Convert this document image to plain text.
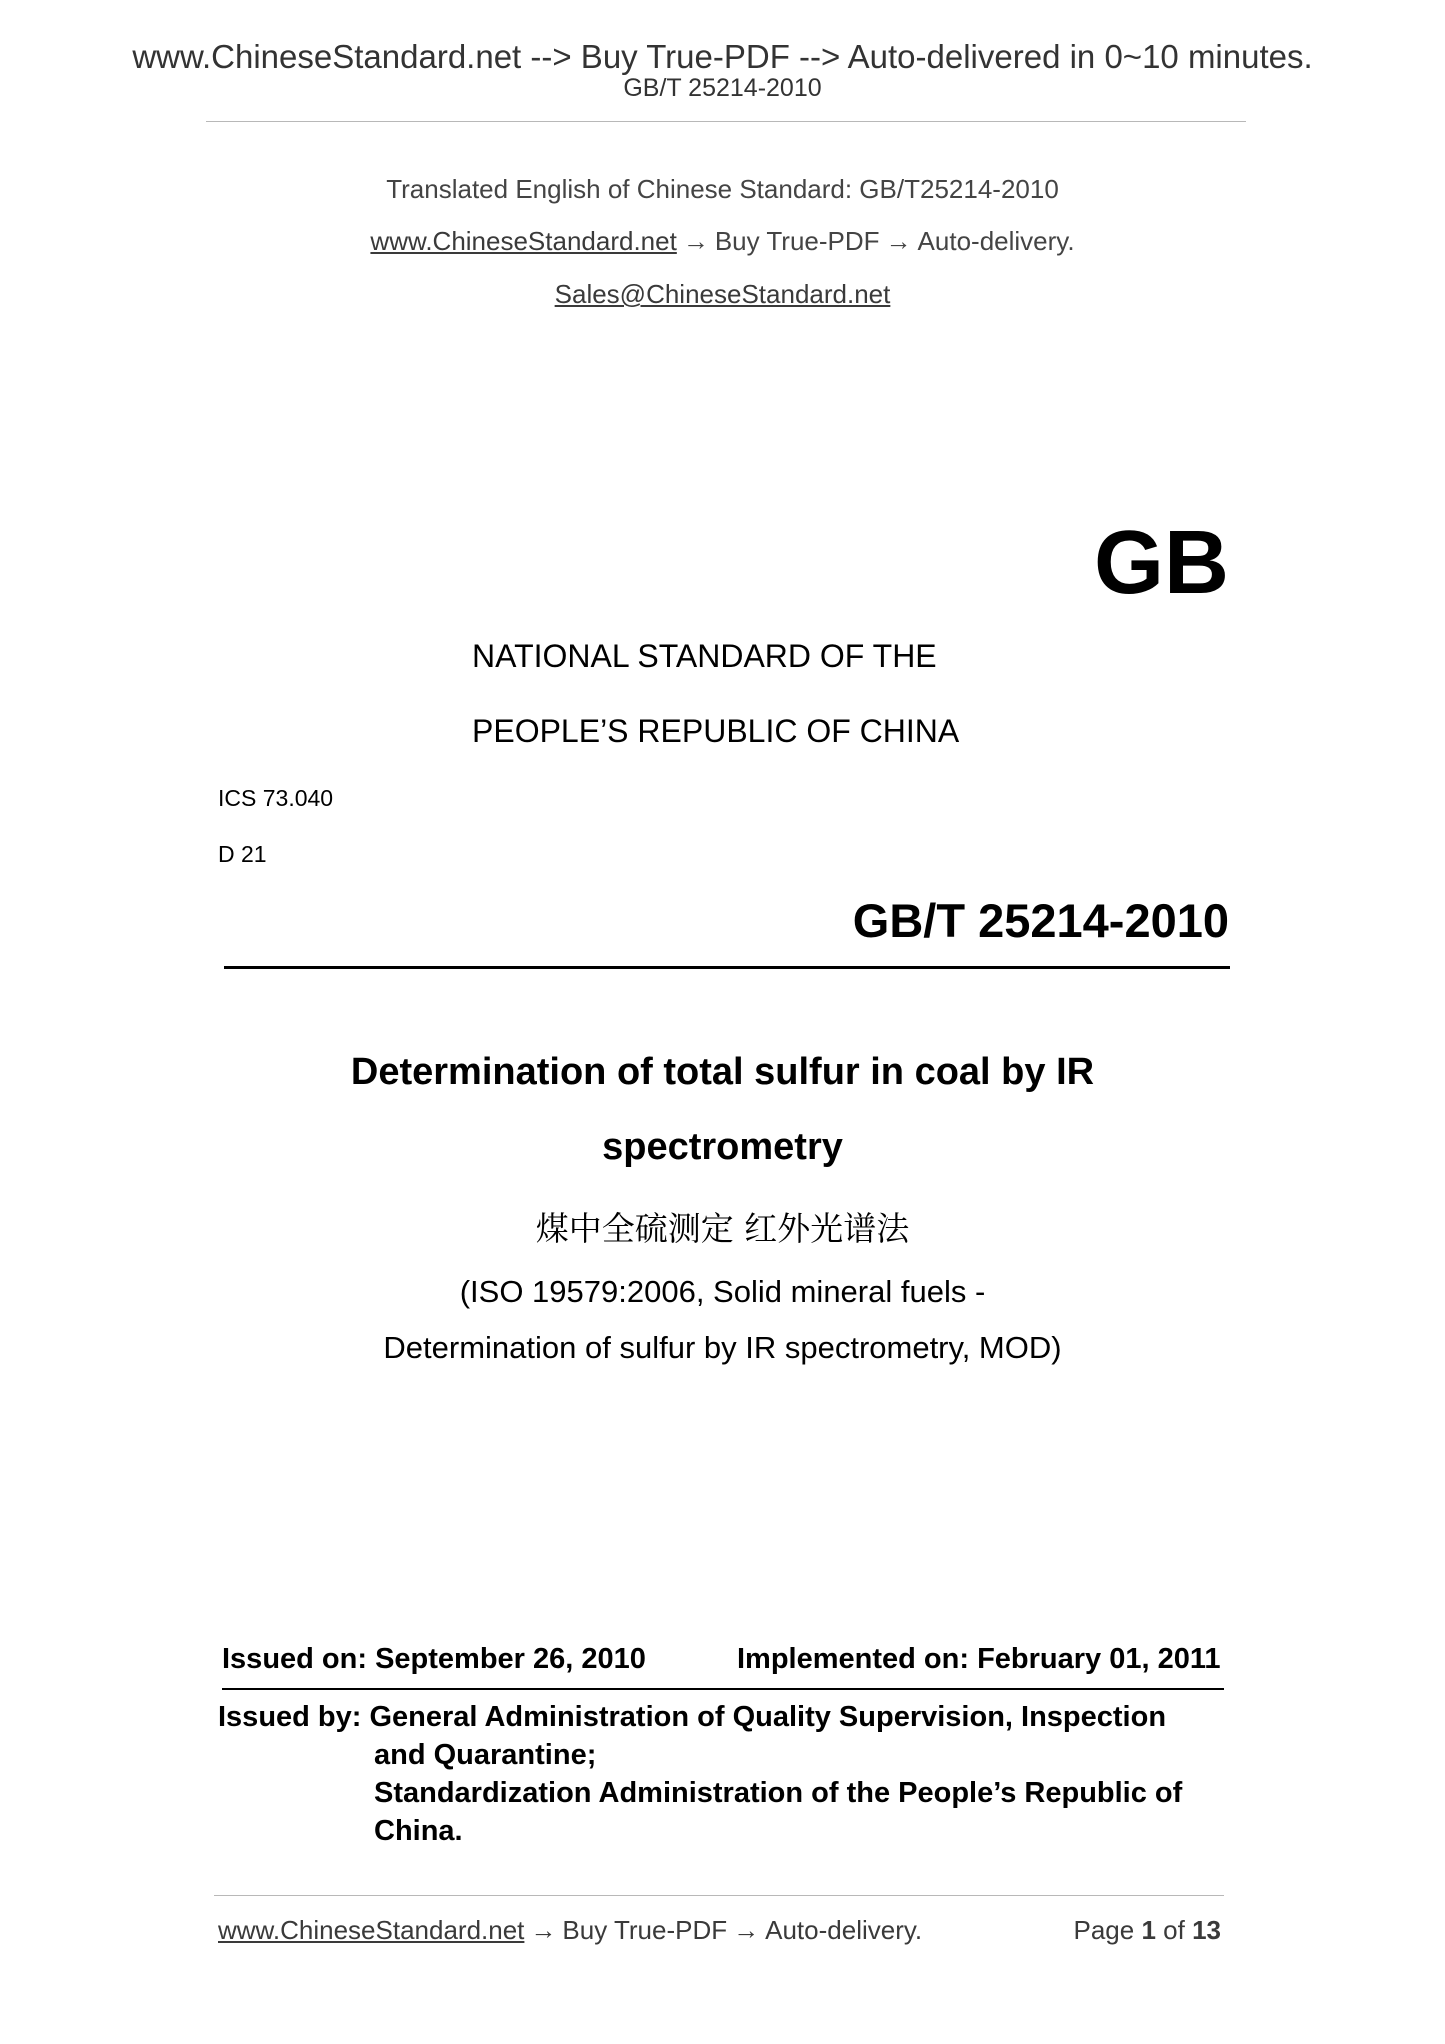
www.ChineseStandard.net --> Buy True-PDF --> Auto-delivered in 0~10 minutes.
GB/T 25214-2010
Translated English of Chinese Standard: GB/T25214-2010
www.ChineseStandard.net → Buy True-PDF → Auto-delivery.
Sales@ChineseStandard.net
GB
NATIONAL STANDARD OF THE
PEOPLE’S REPUBLIC OF CHINA
ICS 73.040
D 21
GB/T 25214-2010
Determination of total sulfur in coal by IR
spectrometry
煤中全硫测定 红外光谱法
(ISO 19579:2006, Solid mineral fuels -
Determination of sulfur by IR spectrometry, MOD)
Issued on: September 26, 2010	Implemented on: February 01, 2011
Issued by: General Administration of Quality Supervision, Inspection
and Quarantine;
Standardization Administration of the People’s Republic of
China.
www.ChineseStandard.net → Buy True-PDF → Auto-delivery.	Page 1 of 13
